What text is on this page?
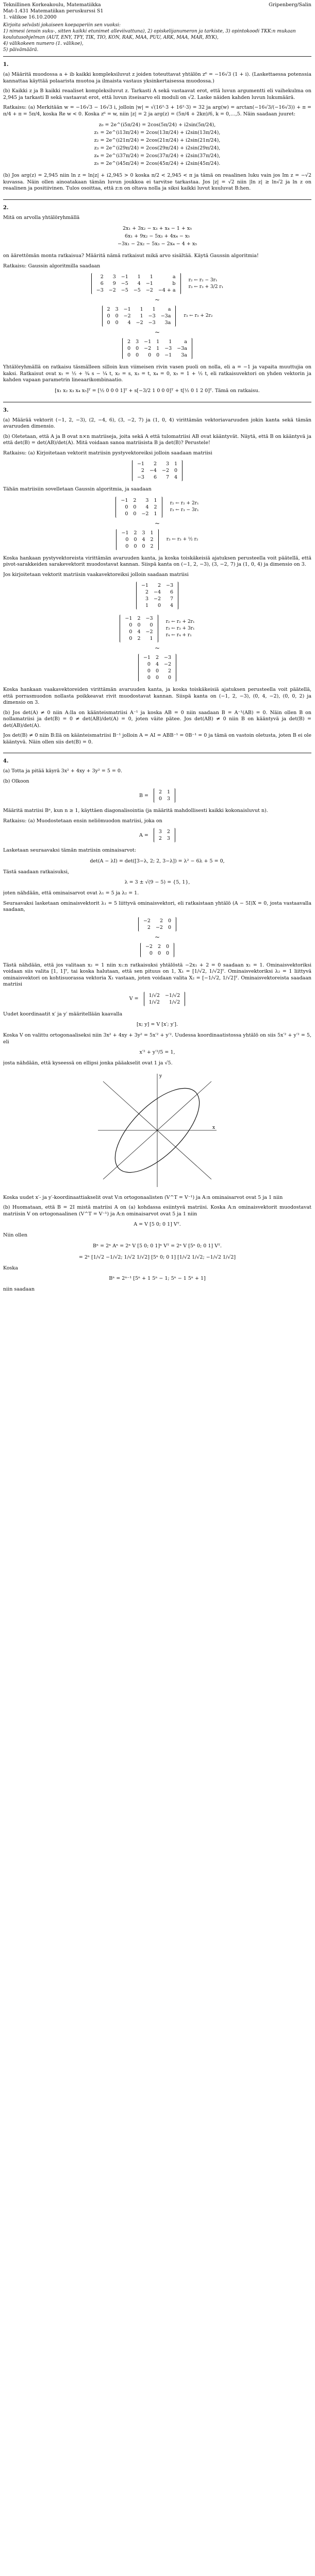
Teknillinen Korkeakoulu, Matematiikka
Mat-1.431 Matematiikan peruskurssi S1
1. välikoe 16.10.2000
Gripenberg/Salin
Kirjoita selvästi jokaiseen koepaperiin sen vuoksi:
1) nimesi (ensin suku-, sitten kaikki etunimet alleviivattuna), 2) opiskelijanumeron ja tarkiste, 3) opintokoodi TKK:n mukaan
koulutusohjelman (AUT, ENY, TFY, TIK, TIO, KON, RAK, MAA, PUU, ARK, MAA, MAR, RYK),
4) välikokeen numero (1. välikoe),
5) päivämäärä.
1.

(a) Määritä muodossa a + ib kaikki kompleksiluvut z joiden toteuttavat yhtälön z⁶ = −16√3 (1 + i). (Laskettaessa potenssia kannattaa käyttää polaarista muotoa ja ilmaista vastaus yksinkertaisessa muodossa.)

(b) Kaikki z ja B kaikki reaaliset kompleksiluvut z. Tarkasti A sekä vastaavat erot, että luvun argumentti eli vaihekulma on 2,945 ja tarkasti B sekä vastaavat erot, että luvun itseisarvo eli moduli on √2. Laske näiden kahden luvun lukumäärä.

Ratkaisu: (a) Merkitään w = −16√3 − 16√3 i, jolloin |w| = √(16²·3 + 16²·3) = 32 ja arg(w) = arctan(−16√3/(−16√3)) + π = π/4 + π = 5π/4, koska Re w < 0. Koska z⁶ = w, niin |z| = 2 ja arg(z) = (5π/4 + 2kπ)/6, k = 0,…,5. Näin saadaan juuret:

z₀ = 2e^(i5π/24) = 2cos(5π/24) + i2sin(5π/24),
z₁ = 2e^(i13π/24) = 2cos(13π/24) + i2sin(13π/24),
z₂ = 2e^(i21π/24) = 2cos(21π/24) + i2sin(21π/24),
z₃ = 2e^(i29π/24) = 2cos(29π/24) + i2sin(29π/24),
z₄ = 2e^(i37π/24) = 2cos(37π/24) + i2sin(37π/24),
z₅ = 2e^(i45π/24) = 2cos(45π/24) + i2sin(45π/24).

(b) Jos arg(z) = 2,945 niin ln z = ln|z| + i2,945 > 0 koska π/2 < 2,945 < π ja tämä on reaalinen luku vain jos Im z = −√2 kuvassa. Näin ollen ainoatakaan tämän luvun joukkoa ei tarvitse tarkastaa. Jos |z| = √2 niin |ln z| ≥ ln√2 ja ln z on reaalinen ja positiivinen. Tulos osoittaa, että z:n on oltava nolla ja siksi kaikki luvut kuuluvat B:hen.

2.

Mitä on arvolla yhtälöryhmällä

2x₁ + 3x₂ − x₃ + x₄ − 1 + x₅
6x₁ + 9x₂ − 5x₃ + 4x₄ − x₅
−3x₁ − 2x₂ − 5x₃ − 2x₄ − 4 + x₅

on äärettömän monta ratkaisua? Määritä nämä ratkaisut mikä arvo sisältää. Käytä Gaussin algoritmia!

Ratkaisu: Gaussin algoritmilla saadaan

2	3	−1	1	1	a
6	9	−5	4	−1	b
−3	−2	−5	−5	−2	−4 + a

r₂ ← r₂ − 3r₁
r₃ ← r₃ + 3/2 r₁
~
2	3	−1	1	1	a
0	0	−2	1	−3	−3a
0	0	4	−2	−3	3a

r₃ ← r₃ + 2r₂
~
2	3	−1	1	1	a
0	0	−2	1	−3	−3a
0	0	0	0	−1	3a

Yhtälöryhmällä on ratkaisu täsmälleen silloin kun viimeisen rivin vasen puoli on nolla, eli a = −1 ja vapaita muuttujia on kaksi. Ratkaisut ovat x₁ = ½ + ¾ s − ¼ t, x₂ = s, x₃ = t, x₄ = 0, x₅ = 1 + ½ t, eli ratkaisuvektori on yhden vektorin ja kahden vapaan parametrin lineaarikombinaatio.

[x₁ x₂ x₃ x₄ x₅]ᵀ = [½ 0 0 0 1]ᵀ + s[−3/2 1 0 0 0]ᵀ + t[½ 0 1 2 0]ᵀ. Tämä on ratkaisu.
3.

(a) Määrää vektorit (−1, 2, −3), (2, −4, 6), (3, −2, 7) ja (1, 0, 4) virittämän vektoriavaruuden jokin kanta sekä tämän avaruuden dimensio.

(b) Oletetaan, että A ja B ovat n×n matriiseja, joita sekä A että tulomatriisi AB ovat kääntyvät. Näytä, että B on kääntyvä ja että det(B) = det(AB)/det(A). Mitä voidaan sanoa matriisista B ja det(B)? Perustele!

Ratkaisu: (a) Kirjoitetaan vektorit matriisin pystyvektoreiksi jolloin saadaan matriisi

−1	2	3	1
2	−4	−2	0
−3	6	7	4

Tähän matriisiin sovelletaan Gaussin algoritmia, ja saadaan

−1	2	3	1
0	0	4	2
0	0	−2	1

r₂ ← r₂ + 2r₁
r₃ ← r₃ − 3r₁
~
−1	2	3	1
0	0	4	2
0	0	0	2

r₃ ← r₃ + ½ r₂

Koska hankaan pystyvektoreista virittämän avaruuden kanta, ja koska toiskäkeisiä ajatuksen perusteella voit päätellä, että pivot-sarakkeiden sarakevektorit muodostavat kannan. Siispä kanta on (−1, 2, −3), (3, −2, 7) ja (1, 0, 4) ja dimensio on 3.

Jos kirjoitetaan vektorit matriisin vaakavektoreiksi jolloin saadaan matriisi

−1	2	−3
2	−4	6
3	−2	7
1	0	4
−1	2	−3
0	0	0
0	4	−2
0	2	1

r₂ ← r₂ + 2r₁
r₃ ← r₃ + 3r₁
r₄ ← r₄ + r₁
~
−1	2	−3
0	4	−2
0	0	2
0	0	0

Koska hankaan vaakavektoreiden virittämän avaruuden kanta, ja koska toiskäkeisiä ajatuksen perusteella voit päätellä, että porrasmuodon nollasta poikkeavat rivit muodostavat kannan. Siispä kanta on (−1, 2, −3), (0, 4, −2), (0, 0, 2) ja dimensio on 3.

(b) Jos det(A) ≠ 0 niin A:lla on käänteismatriisi A⁻¹ ja koska AB = 0 niin saadaan B = A⁻¹(AB) = 0. Näin ollen B on nollamatriisi ja det(B) = 0 ≠ det(AB)/det(A) = 0, joten väite pätee. Jos det(AB) ≠ 0 niin B on kääntyvä ja det(B) = det(AB)/det(A).

Jos det(B) ≠ 0 niin B:llä on käänteismatriisi B⁻¹ jolloin A = AI = ABB⁻¹ = 0B⁻¹ = 0 ja tämä on vastoin oletusta, joten B ei ole kääntyvä. Näin ollen siis det(B) = 0.

4.

(a) Totta ja pitää käyrä 3x² + 4xy + 3y² = 5 = 0.

(b) Olkoon

B =
2	1
0	3

Määritä matriisi Bⁿ, kun n ≥ 1, käyttäen diagonalisointia (ja määritä mahdollisesti kaikki kokonaisluvut n).

Ratkaisu: (a) Muodostetaan ensin neliömuodon matriisi, joka on

A =
3	2
2	3

Lasketaan seuraavaksi tämän matriisin ominaisarvot:

det(A − λI) = det([3−λ, 2; 2, 3−λ]) = λ² − 6λ + 5 = 0,

Tästä saadaan ratkaisuksi,

λ = 3 ± √(9 − 5) = {5, 1},

joten nähdään, että ominaisarvot ovat λ₁ = 5 ja λ₂ = 1.

Seuraavaksi lasketaan ominaisvektorit λ₁ = 5 liittyvä ominaisvektori, eli ratkaistaan yhtälö (A − 5I)X = 0, josta vastaavalla saadaan,

−2	2	0
2	−2	0
~
−2	2	0
0	0	0

Tästä nähdään, että jos valitaan x₂ = 1 niin x₁:n ratkaisuksi yhtälöstä −2x₁ + 2 = 0 saadaan x₁ = 1. Ominaisvektoriksi voidaan siis valita [1, 1]ᵀ, tai koska halutaan, että sen pituus on 1, X₁ = [1/√2, 1/√2]ᵀ. Ominaisvektoriksi λ₂ = 1 liittyvä ominaisvektori on kohtisuorassa vektoria X₁ vastaan, joten voidaan valita X₂ = [−1/√2, 1/√2]ᵀ. Ominaisvektoreista saadaan matriisi

V =
1/√2	−1/√2
1/√2	1/√2

Uudet koordinaatit x′ ja y′ määritellään kaavalla

[x; y] = V [x′; y′].

Koska V on valittu ortogonaaliseksi niin 3x² + 4xy + 3y² = 5x′² + y′². Uudessa koordinaatistossa yhtälö on siis 5x′² + y′² = 5, eli

x′² + y′²/5 = 1,

josta nähdään, että kyseessä on ellipsi jonka pääakselit ovat 1 ja √5.

x
y

Koska uudet x′- ja y′-koordinaattiakselit ovat V:n ortogonaalisten (V^T = V⁻¹) ja A:n ominaisarvot ovat 5 ja 1 niin

(b) Huomataan, että B = 2I mistä matriisi A on (a) kohdassa esiintyvä matriisi. Koska A:n ominaisvektorit muodostavat matriisin V on ortogonaalinen (V^T = V⁻¹) ja A:n ominaisarvot ovat 5 ja 1 niin

A = V [5 0; 0 1] Vᵀ.

Niin ollen

Bⁿ = 2ⁿ Aⁿ = 2ⁿ V [5 0; 0 1]ⁿ Vᵀ = 2ⁿ V [5ⁿ 0; 0 1] Vᵀ.
= 2ⁿ [1/√2 −1/√2; 1/√2 1/√2] [5ⁿ 0; 0 1] [1/√2 1/√2; −1/√2 1/√2]

Koska

Bⁿ = 2ⁿ⁻¹ [5ⁿ + 1 5ⁿ − 1; 5ⁿ − 1 5ⁿ + 1]

niin saadaan
